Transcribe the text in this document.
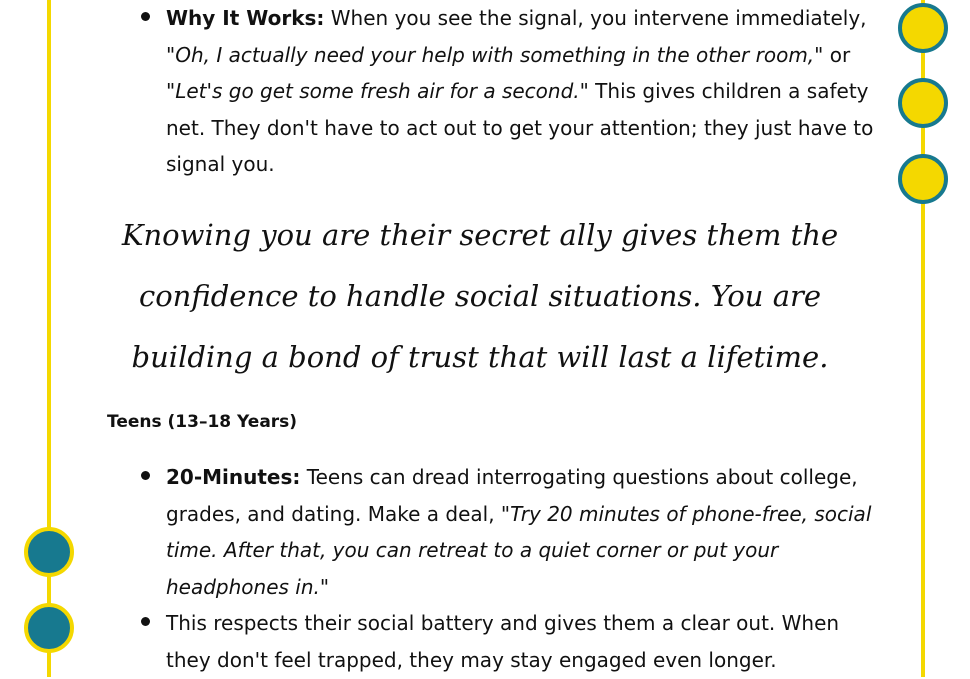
Why It Works: When you see the signal, you intervene immediately, "Oh, I actually need your help with something in the other room," or "Let's go get some fresh air for a second." This gives children a safety net. They don't have to act out to get your attention; they just have to signal you.
Knowing you are their secret ally gives them the confidence to handle social situations. You are building a bond of trust that will last a lifetime.
Teens (13–18 Years)
20-Minutes: Teens can dread interrogating questions about college, grades, and dating. Make a deal, "Try 20 minutes of phone-free, social time. After that, you can retreat to a quiet corner or put your headphones in."
This respects their social battery and gives them a clear out. When they don't feel trapped, they may stay engaged even longer.
